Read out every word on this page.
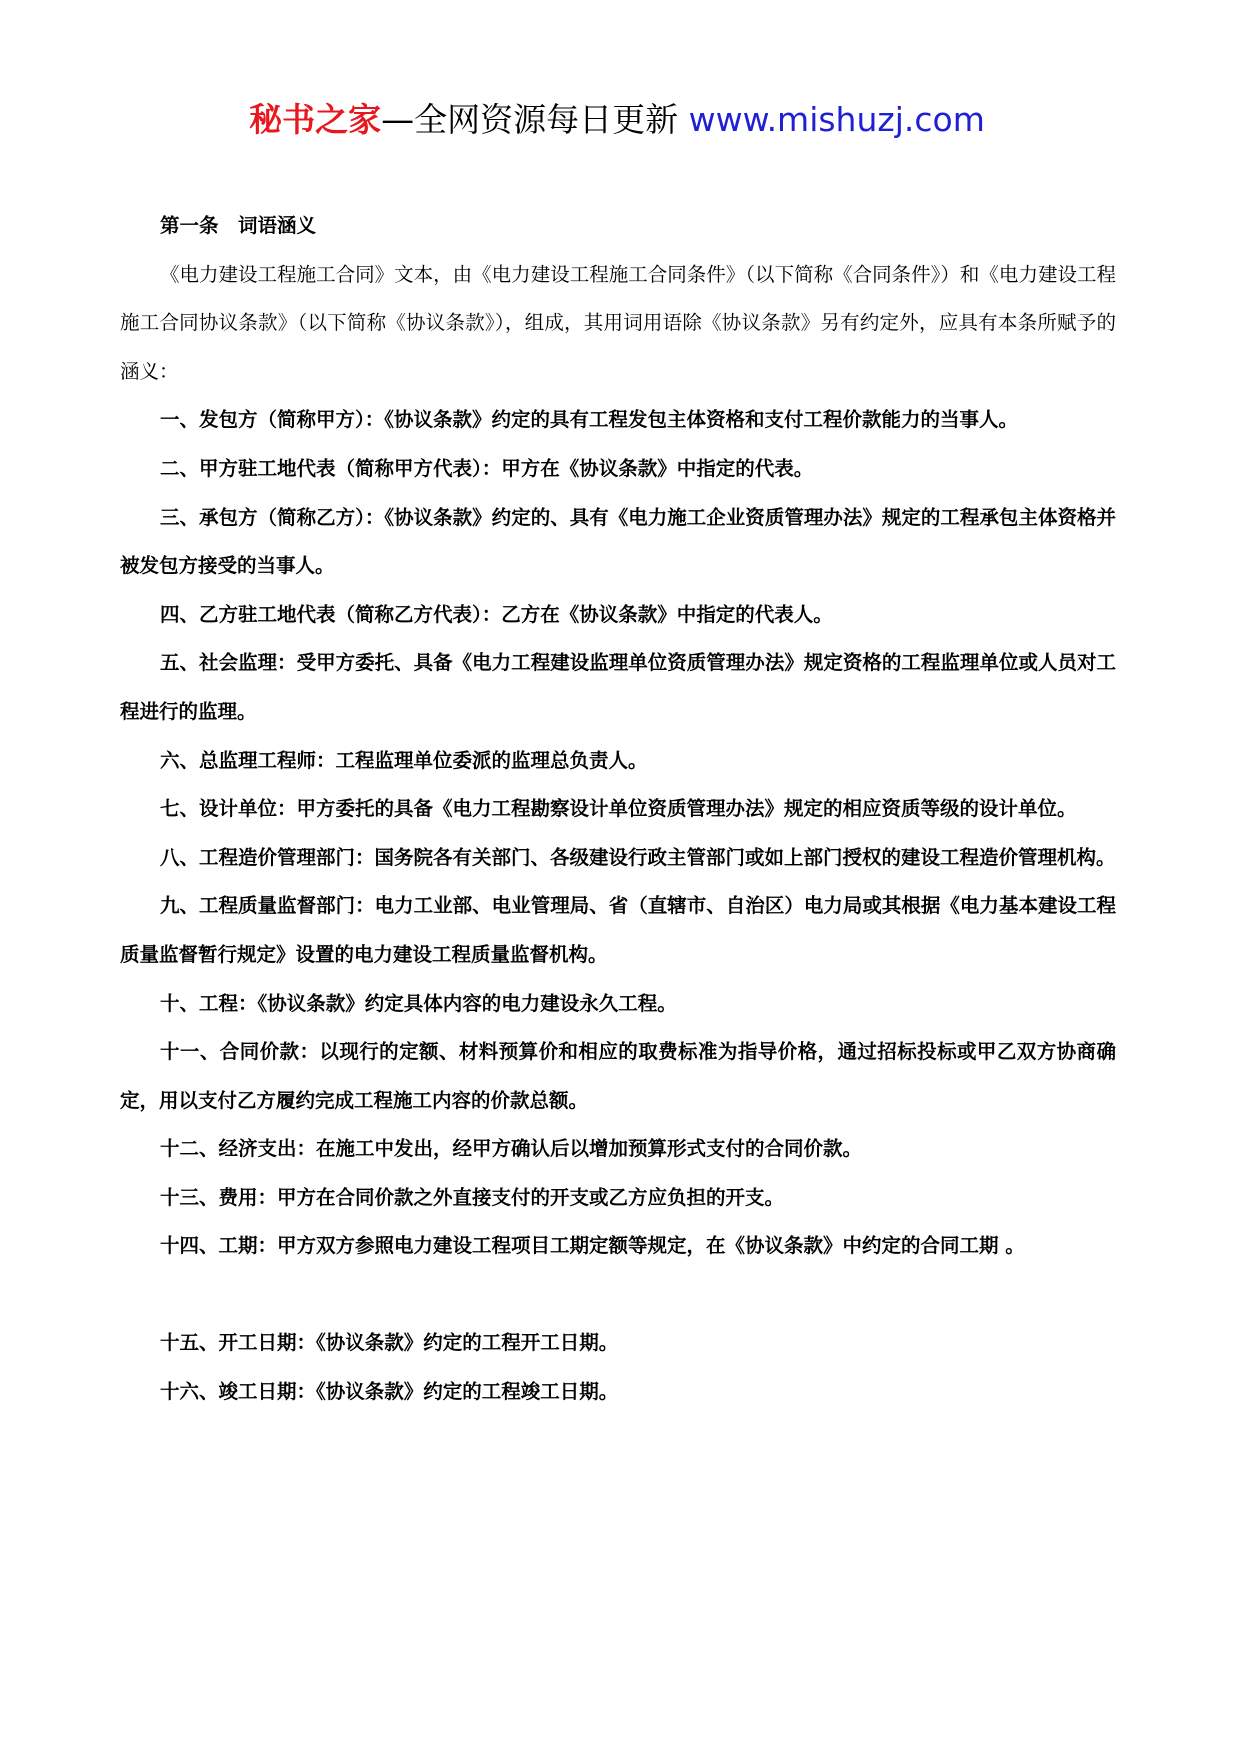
秘书之家—全网资源每日更新 www.mishuzj.com

第一条　词语涵义

《电力建设工程施工合同》文本，由《电力建设工程施工合同条件》（以下简称《合同条件》）和《电力建设工程施工合同协议条款》（以下简称《协议条款》），组成，其用词用语除《协议条款》另有约定外，应具有本条所赋予的涵义：

一、发包方（简称甲方）：《协议条款》约定的具有工程发包主体资格和支付工程价款能力的当事人。

二、甲方驻工地代表（简称甲方代表）：甲方在《协议条款》中指定的代表。

三、承包方（简称乙方）：《协议条款》约定的、具有《电力施工企业资质管理办法》规定的工程承包主体资格并被发包方接受的当事人。

四、乙方驻工地代表（简称乙方代表）：乙方在《协议条款》中指定的代表人。

五、社会监理：受甲方委托、具备《电力工程建设监理单位资质管理办法》规定资格的工程监理单位或人员对工程进行的监理。

六、总监理工程师：工程监理单位委派的监理总负责人。

七、设计单位：甲方委托的具备《电力工程勘察设计单位资质管理办法》规定的相应资质等级的设计单位。

八、工程造价管理部门：国务院各有关部门、各级建设行政主管部门或如上部门授权的建设工程造价管理机构。

九、工程质量监督部门：电力工业部、电业管理局、省（直辖市、自治区）电力局或其根据《电力基本建设工程质量监督暂行规定》设置的电力建设工程质量监督机构。

十、工程：《协议条款》约定具体内容的电力建设永久工程。

十一、合同价款：以现行的定额、材料预算价和相应的取费标准为指导价格，通过招标投标或甲乙双方协商确定，用以支付乙方履约完成工程施工内容的价款总额。

十二、经济支出：在施工中发出，经甲方确认后以增加预算形式支付的合同价款。

十三、费用：甲方在合同价款之外直接支付的开支或乙方应负担的开支。

十四、工期：甲方双方参照电力建设工程项目工期定额等规定，在《协议条款》中约定的合同工期 。

十五、开工日期：《协议条款》约定的工程开工日期。

十六、竣工日期：《协议条款》约定的工程竣工日期。
